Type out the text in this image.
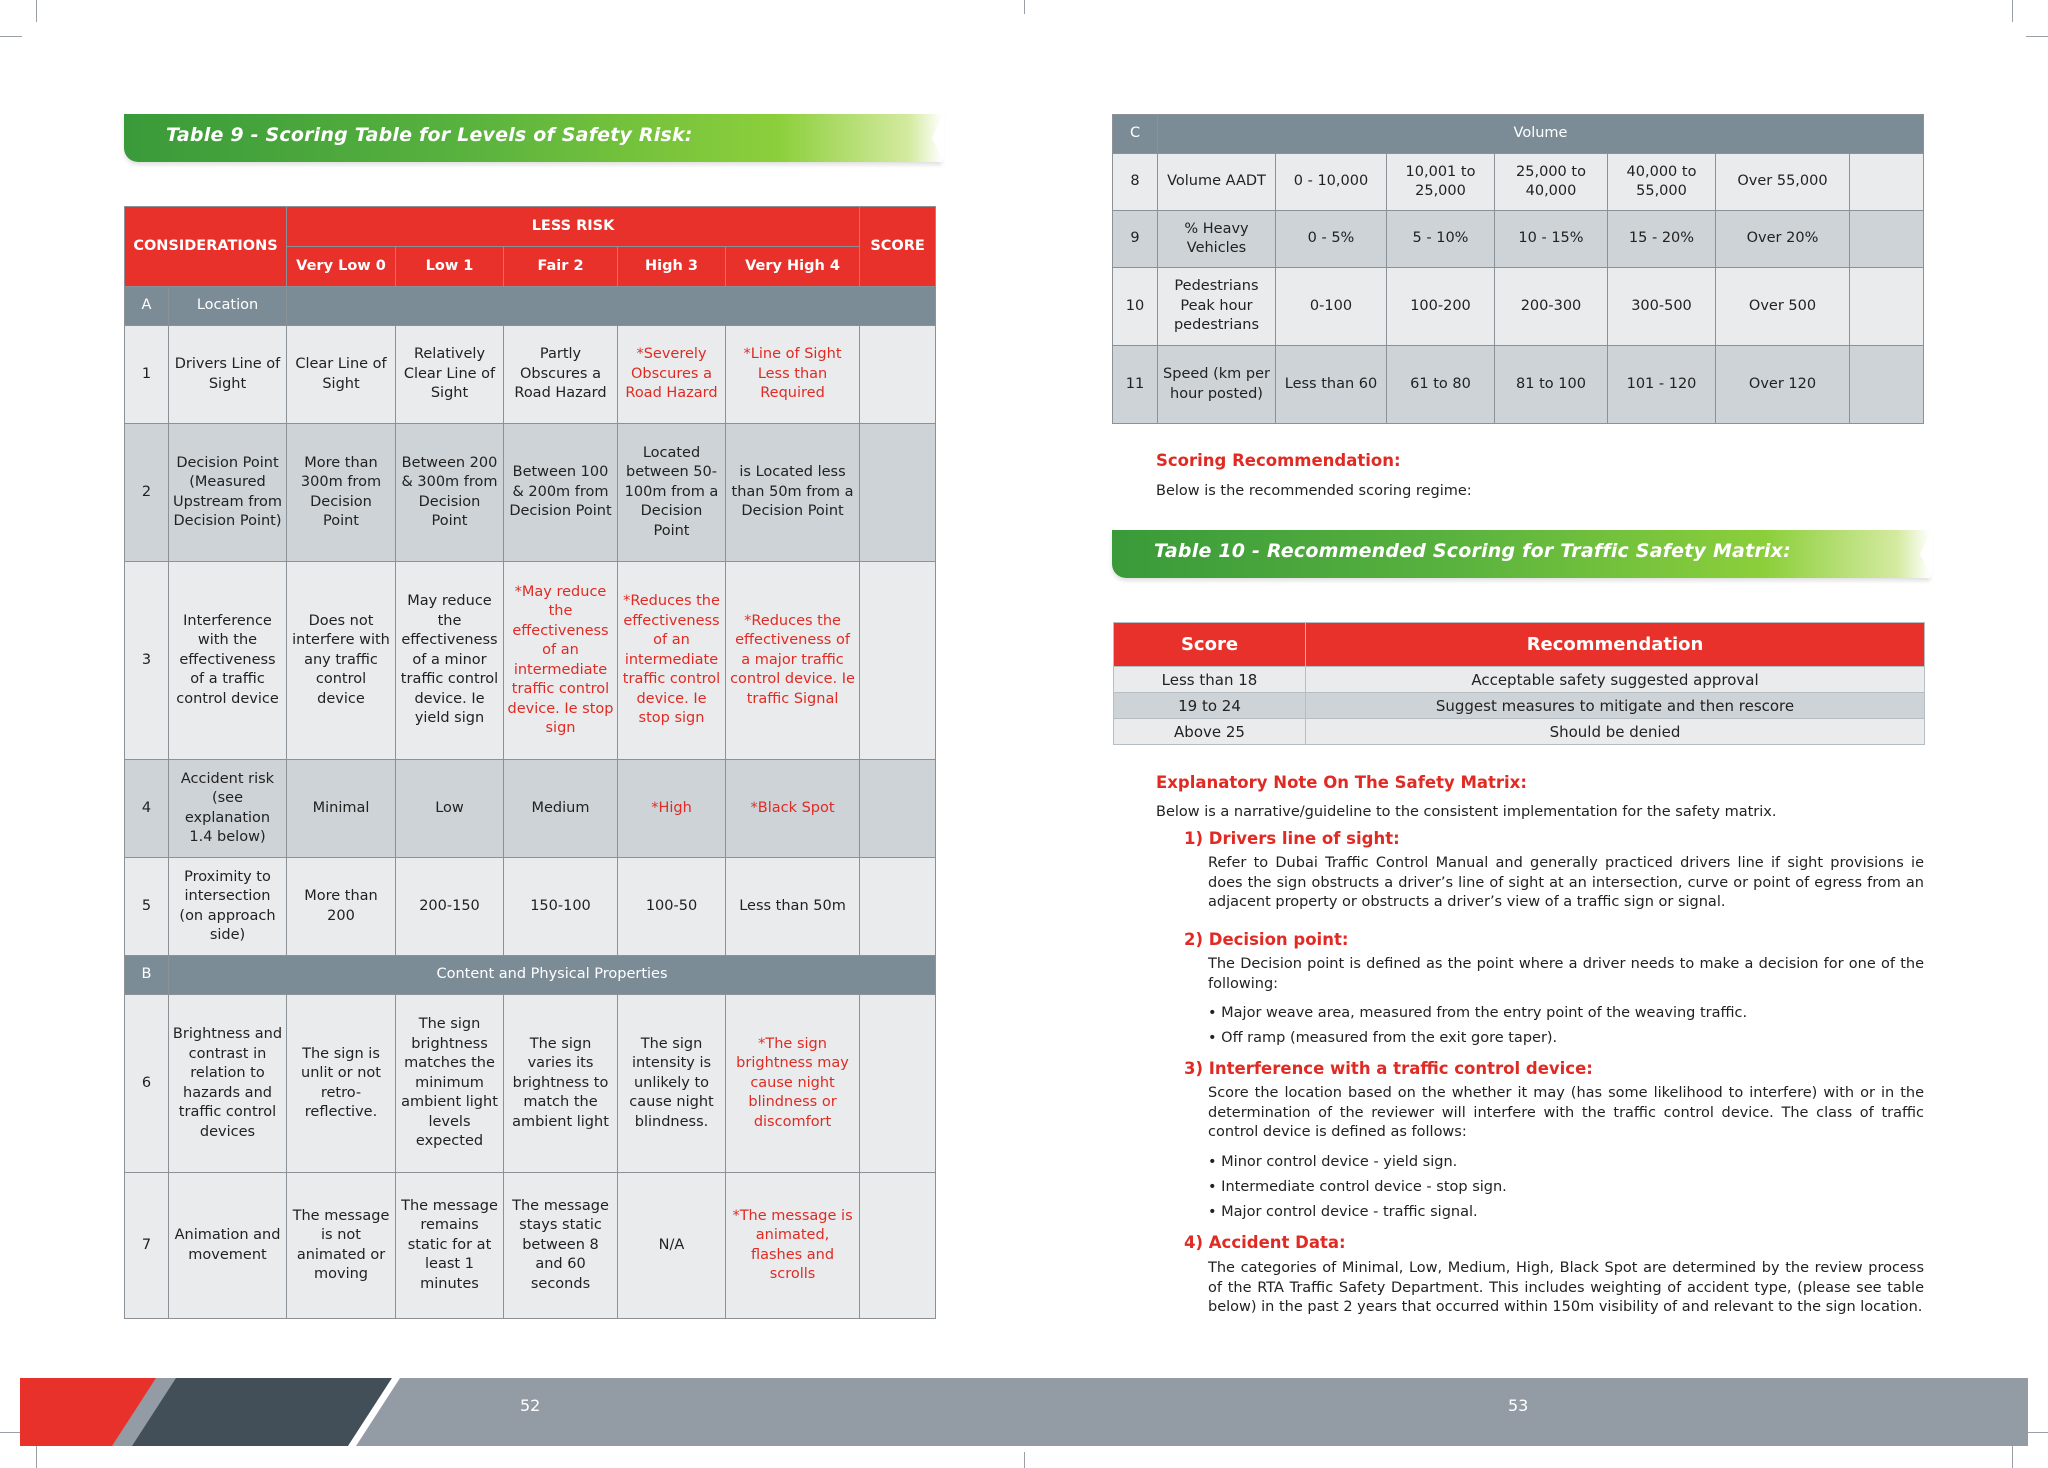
Table 9 - Scoring Table for Levels of Safety Risk:
CONSIDERATIONS		LESS RISK					SCORE
		Very Low 0	Low 1	Fair 2	High 3	Very High 4	
A	Location						
1	Drivers Line of Sight	Clear Line of Sight	Relatively Clear Line of Sight	Partly Obscures a Road Hazard	*Severely Obscures a Road Hazard	*Line of Sight Less than Required	
2	Decision Point (Measured Upstream from Decision Point)	More than 300m from Decision Point	Between 200 & 300m from Decision Point	Between 100 & 200m from Decision Point	Located between 50-100m from a Decision Point	is Located less than 50m from a Decision Point	
3	Interference with the effectiveness of a traffic control device	Does not interfere with any traffic control device	May reduce the effectiveness of a minor traffic control device. Ie yield sign	*May reduce the effectiveness of an intermediate traffic control device. Ie stop sign	*Reduces the effectiveness of an intermediate traffic control device. Ie stop sign	*Reduces the effectiveness of a major traffic control device. Ie traffic Signal	
4	Accident risk (see explanation 1.4 below)	Minimal	Low	Medium	*High	*Black Spot	
5	Proximity to intersection (on approach side)	More than 200	200-150	150-100	100-50	Less than 50m	
B	Content and Physical Properties						
6	Brightness and contrast in relation to hazards and traffic control devices	The sign is unlit or not retro-reflective.	The sign brightness matches the minimum ambient light levels expected	The sign varies its brightness to match the ambient light	The sign intensity is unlikely to cause night blindness.	*The sign brightness may cause night blindness or discomfort	
7	Animation and movement	The message is not animated or moving	The message remains static for at least 1 minutes	The message stays static between 8 and 60 seconds	N/A	*The message is animated, flashes and scrolls	
C	Volume						
8	Volume AADT	0 - 10,000	10,001 to 25,000	25,000 to 40,000	40,000 to 55,000	Over 55,000	
9	% Heavy Vehicles	0 - 5%	5 - 10%	10 - 15%	15 - 20%	Over 20%	
10	Pedestrians Peak hour pedestrians	0-100	100-200	200-300	300-500	Over 500	
11	Speed (km per hour posted)	Less than 60	61 to 80	81 to 100	101 - 120	Over 120	
Scoring Recommendation:
Below is the recommended scoring regime:
Table 10 - Recommended Scoring for Traffic Safety Matrix:
Score	Recommendation
Less than 18	Acceptable safety suggested approval
19 to 24	Suggest measures to mitigate and then rescore
Above 25	Should be denied
Explanatory Note On The Safety Matrix:
Below is a narrative/guideline to the consistent implementation for the safety matrix.
1) Drivers line of sight:
Refer to Dubai Traffic Control Manual and generally practiced drivers line if sight provisions ie does the sign obstructs a driver’s line of sight at an intersection, curve or point of egress from an adjacent property or obstructs a driver’s view of a traffic sign or signal.
2) Decision point:
The Decision point is defined as the point where a driver needs to make a decision for one of the following:
• Major weave area, measured from the entry point of the weaving traffic.
• Off ramp (measured from the exit gore taper).
3) Interference with a traffic control device:
Score the location based on the whether it may (has some likelihood to interfere) with or in the determination of the reviewer will interfere with the traffic control device. The class of traffic control device is defined as follows:
• Minor control device - yield sign.
• Intermediate control device - stop sign.
• Major control device - traffic signal.
4) Accident Data:
The categories of Minimal, Low, Medium, High, Black Spot are determined by the review process of the RTA Traffic Safety Department. This includes weighting of accident type, (please see table below) in the past 2 years that occurred within 150m visibility of and relevant to the sign location.
52	53
